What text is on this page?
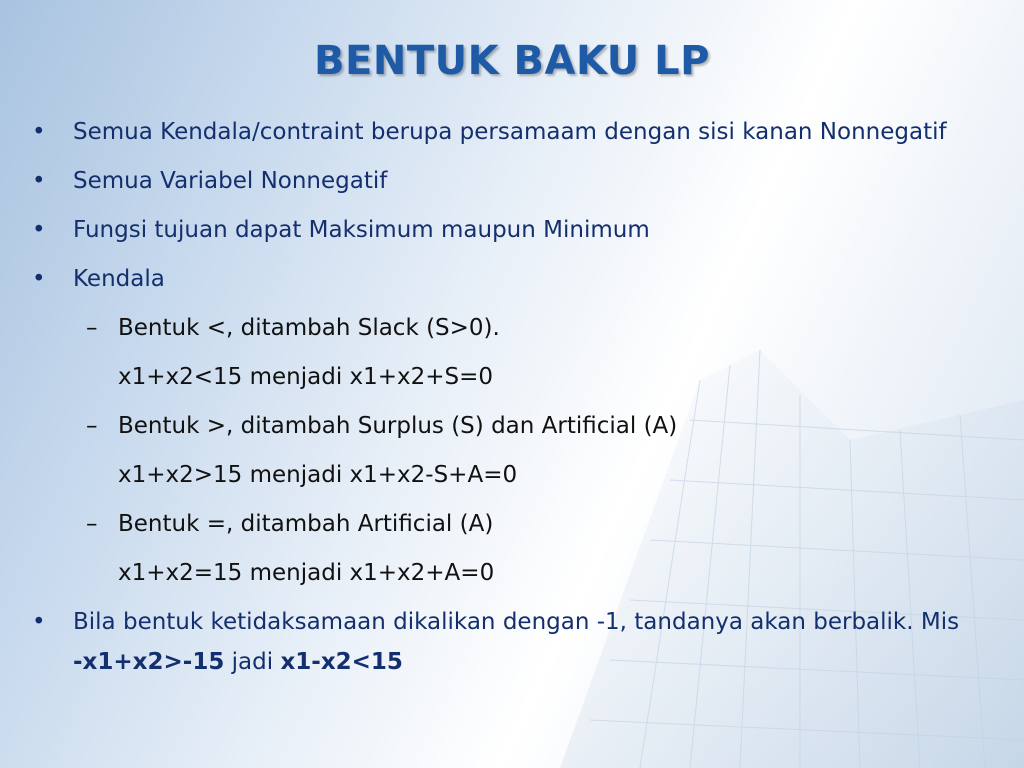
BENTUK BAKU LP
• Semua Kendala/contraint berupa persamaam dengan sisi kanan Nonnegatif
• Semua Variabel Nonnegatif
• Fungsi tujuan dapat Maksimum maupun Minimum
• Kendala
– Bentuk <, ditambah Slack (S>0).
x1+x2<15 menjadi x1+x2+S=0
– Bentuk >, ditambah Surplus (S) dan Artificial (A)
x1+x2>15 menjadi x1+x2-S+A=0
– Bentuk =, ditambah Artificial (A)
x1+x2=15 menjadi x1+x2+A=0
• Bila bentuk ketidaksamaan dikalikan dengan -1, tandanya akan berbalik. Mis   -x1+x2>-15 jadi x1-x2<15
